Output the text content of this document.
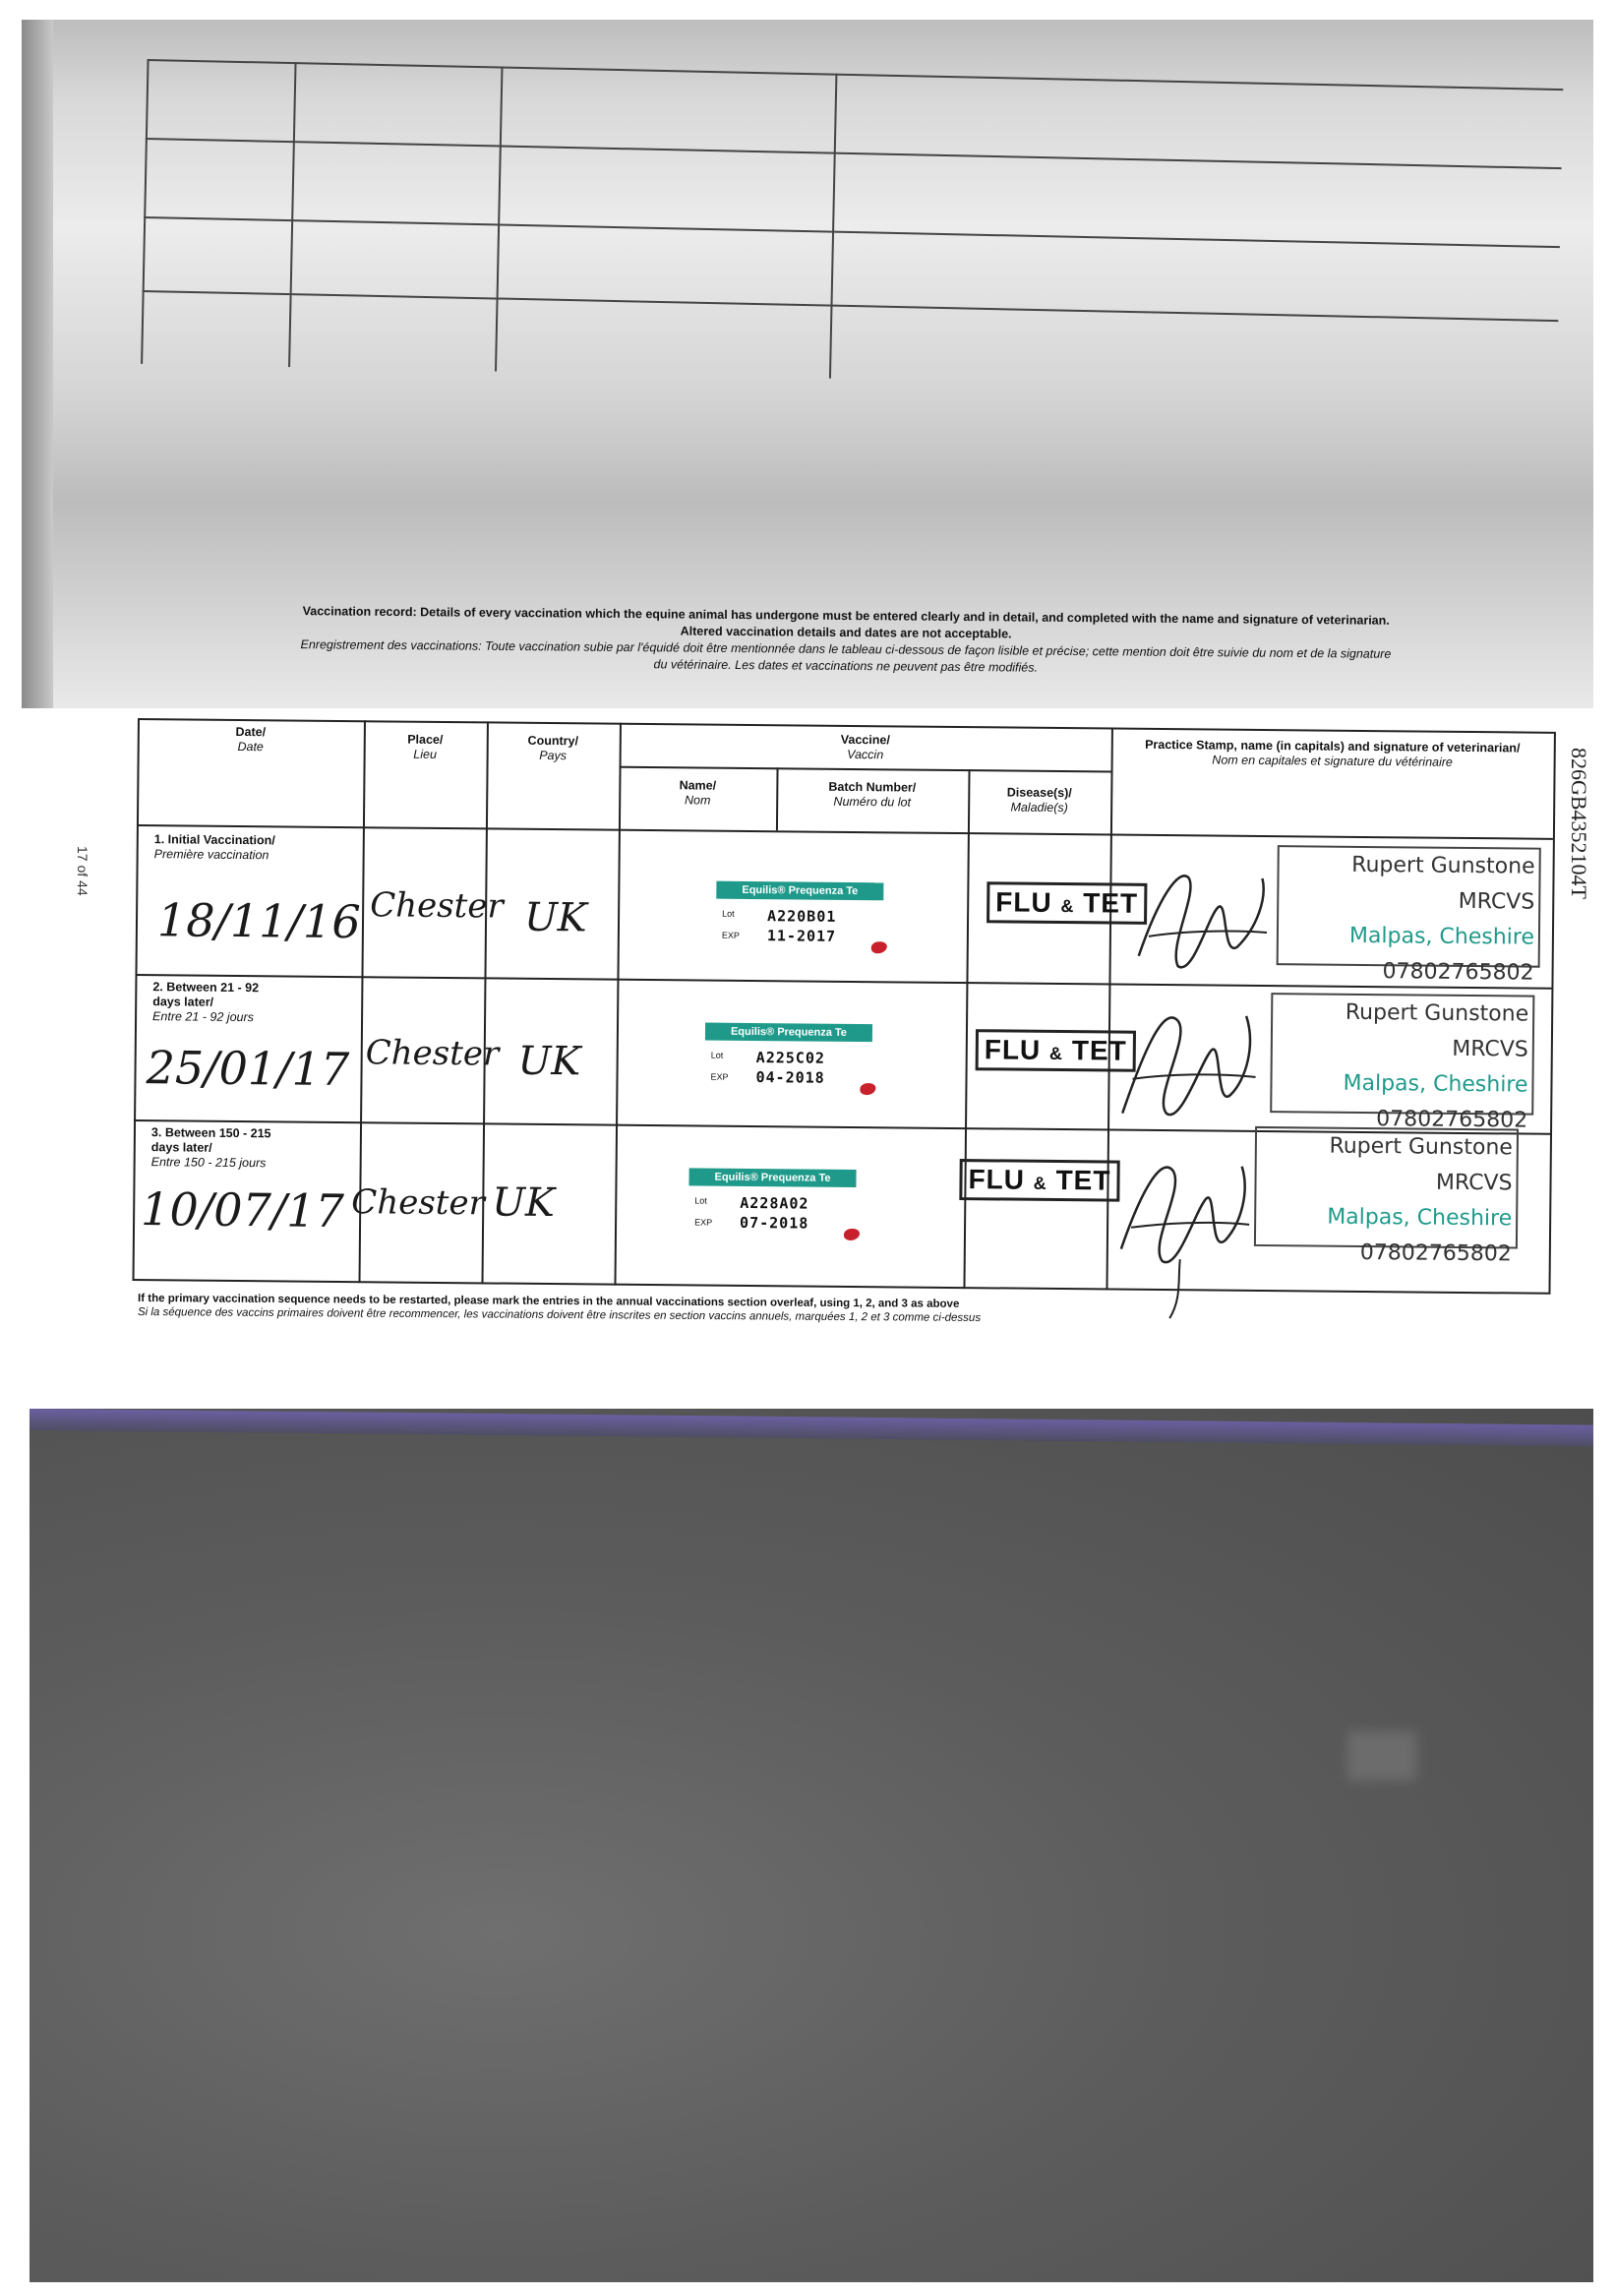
17 of 44	826GB4352104T
Vaccination record: Details of every vaccination which the equine animal has undergone must be entered clearly and in detail, and completed with the name and signature of veterinarian.
Altered vaccination details and dates are not acceptable.
Enregistrement des vaccinations: Toute vaccination subie par l'équidé doit être mentionnée dans le tableau ci-dessous de façon lisible et précise; cette mention doit être suivie du nom et de la signature
du vétérinaire. Les dates et vaccinations ne peuvent pas être modifiés.
Date/
Date
Place/
Lieu
Country/
Pays
Vaccine/
Vaccin
Name/
Nom
Batch Number/
Numéro du lot
Disease(s)/
Maladie(s)
Practice Stamp, name (in capitals) and signature of veterinarian/
Nom en capitales et signature du vétérinaire
1. Initial Vaccination/
Première vaccination
18/11/16 Chester UK
Equilis® Prequenza Te
Lot A220B01
EXP 11-2017
FLU & TET
Rupert Gunstone MRCVS
Malpas, Cheshire
07802765802
2. Between 21 - 92
days later/
Entre 21 - 92 jours
25/01/17 Chester UK
Equilis® Prequenza Te
Lot A225C02
EXP 04-2018
FLU & TET
Rupert Gunstone MRCVS
Malpas, Cheshire
07802765802
3. Between 150 - 215
days later/
Entre 150 - 215 jours
10/07/17 Chester UK
Equilis® Prequenza Te
Lot A228A02
EXP 07-2018
FLU & TET
Rupert Gunstone MRCVS
Malpas, Cheshire
07802765802
If the primary vaccination sequence needs to be restarted, please mark the entries in the annual vaccinations section overleaf, using 1, 2, and 3 as above
Si la séquence des vaccins primaires doivent être recommencer, les vaccinations doivent être inscrites en section vaccins annuels, marquées 1, 2 et 3 comme ci-dessus
